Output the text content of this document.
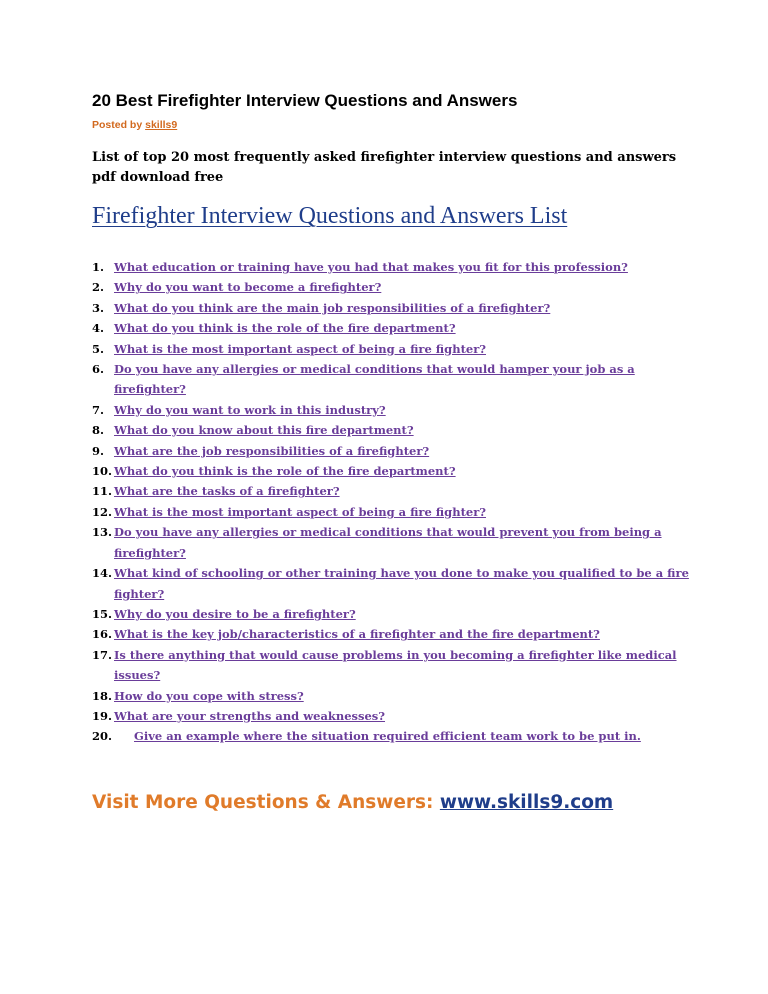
20 Best Firefighter Interview Questions and Answers
Posted by skills9

List of top 20 most frequently asked firefighter interview questions and answers pdf download free

Firefighter Interview Questions and Answers List
1. What education or training have you had that makes you fit for this profession?
2. Why do you want to become a firefighter?
3. What do you think are the main job responsibilities of a firefighter?
4. What do you think is the role of the fire department?
5. What is the most important aspect of being a fire fighter?
6. Do you have any allergies or medical conditions that would hamper your job as a firefighter?
7. Why do you want to work in this industry?
8. What do you know about this fire department?
9. What are the job responsibilities of a firefighter?
10. What do you think is the role of the fire department?
11. What are the tasks of a firefighter?
12. What is the most important aspect of being a fire fighter?
13. Do you have any allergies or medical conditions that would prevent you from being a firefighter?
14. What kind of schooling or other training have you done to make you qualified to be a fire fighter?
15. Why do you desire to be a firefighter?
16. What is the key job/characteristics of a firefighter and the fire department?
17. Is there anything that would cause problems in you becoming a firefighter like medical issues?
18. How do you cope with stress?
19. What are your strengths and weaknesses?
20. Give an example where the situation required efficient team work to be put in.
Visit More Questions & Answers: www.skills9.com
